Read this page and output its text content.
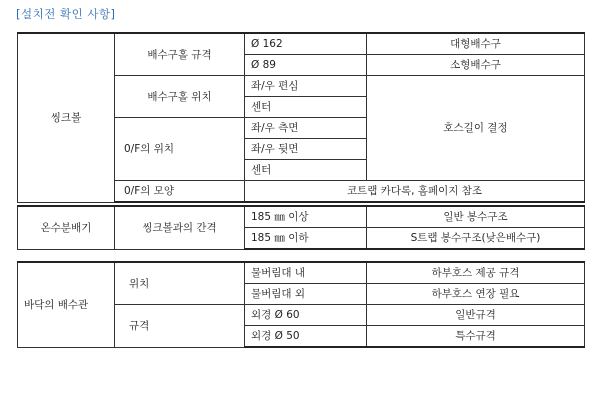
[설치전 확인 사항]
씽크볼	배수구홀 규격	Ø 162	대형배수구
		Ø 89	소형배수구
	배수구홀 위치	좌/우 편심	호스길이 결정
		센터	
	0/F의 위치	좌/우 측면	
		좌/우 뒷면	
		센터	
	0/F의 모양	코트랩 카다록, 홈페이지 참조	
온수분배기	씽크볼과의 간격	185 ㎜ 이상	일반 봉수구조
		185 ㎜ 이하	S트랩 봉수구조(낮은배수구)
바닥의 배수관	위치	물버림대 내	하부호스 제공 규격
		물버림대 외	하부호스 연장 필요
	규격	외경 Ø 60	일반규격
		외경 Ø 50	특수규격
